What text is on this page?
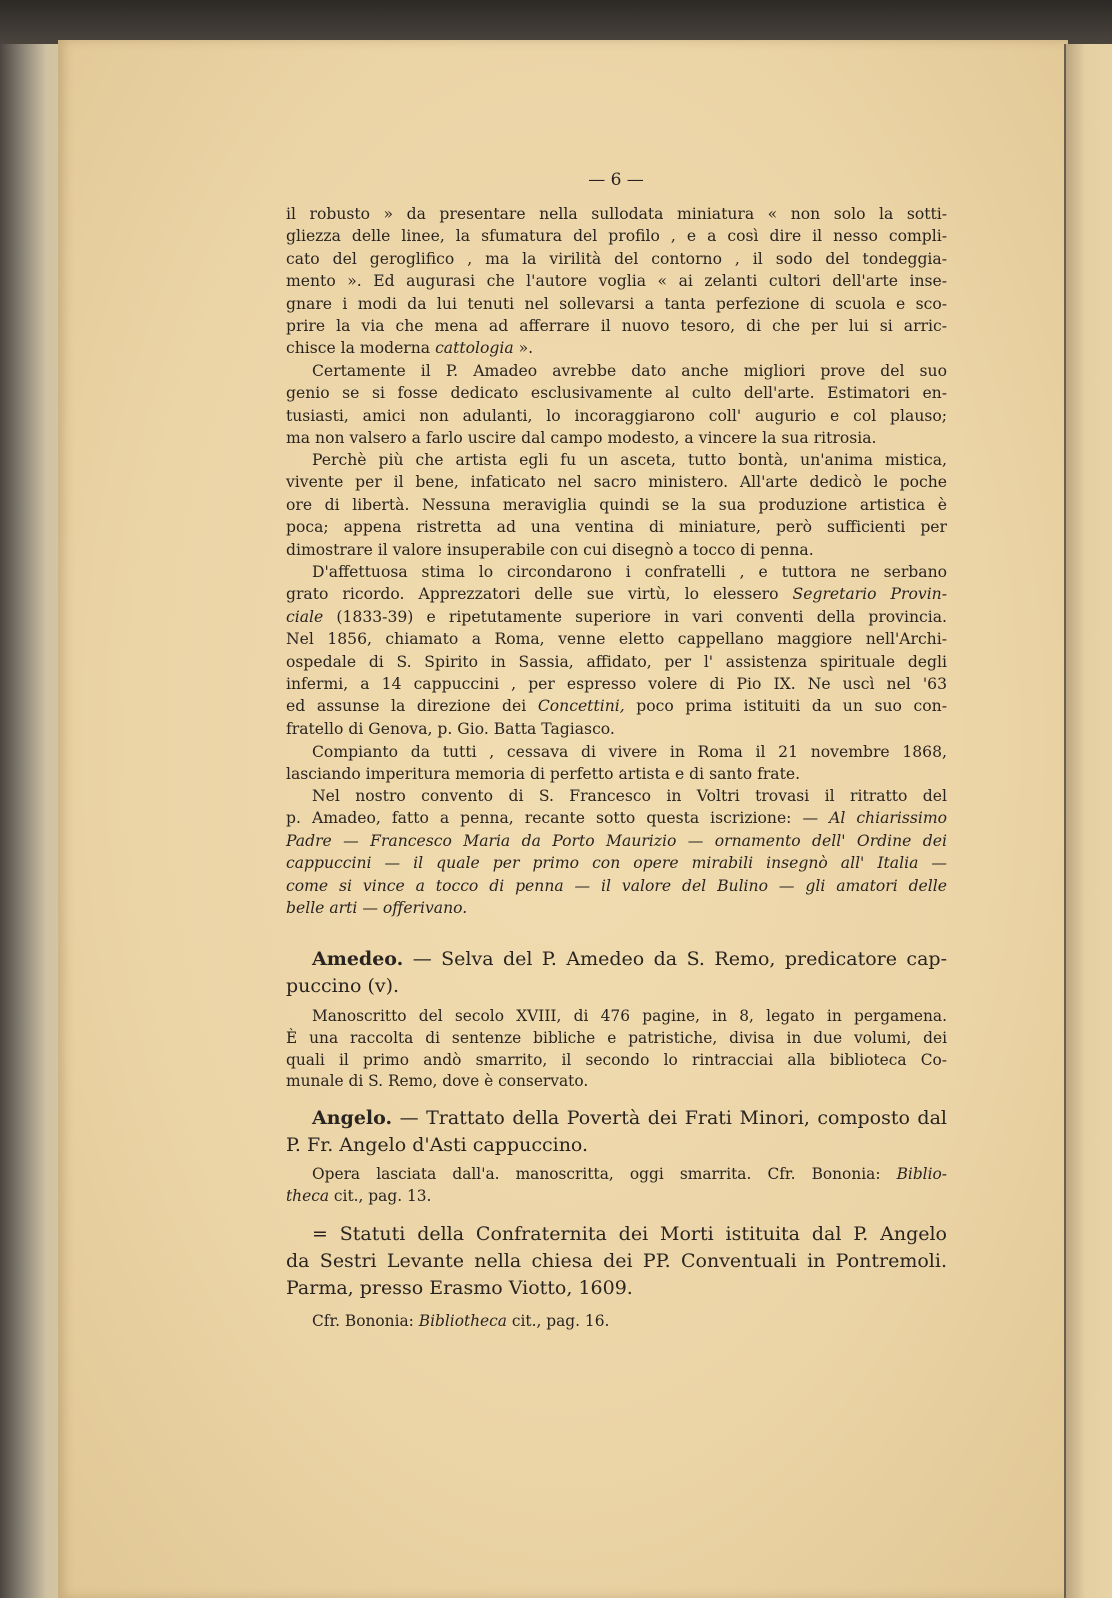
— 6 —
il robusto » da presentare nella sullodata miniatura « non solo la sotti-
gliezza delle linee, la sfumatura del profilo , e a così dire il nesso compli-
cato del geroglifico , ma la virilità del contorno , il sodo del tondeggia-
mento ». Ed augurasi che l'autore voglia « ai zelanti cultori dell'arte inse-
gnare i modi da lui tenuti nel sollevarsi a tanta perfezione di scuola e sco-
prire la via che mena ad afferrare il nuovo tesoro, di che per lui si arric-
chisce la moderna cattologia ».
Certamente il P. Amadeo avrebbe dato anche migliori prove del suo
genio se si fosse dedicato esclusivamente al culto dell'arte. Estimatori en-
tusiasti, amici non adulanti, lo incoraggiarono coll' augurio e col plauso;
ma non valsero a farlo uscire dal campo modesto, a vincere la sua ritrosia.
Perchè più che artista egli fu un asceta, tutto bontà, un'anima mistica,
vivente per il bene, infaticato nel sacro ministero. All'arte dedicò le poche
ore di libertà. Nessuna meraviglia quindi se la sua produzione artistica è
poca; appena ristretta ad una ventina di miniature, però sufficienti per
dimostrare il valore insuperabile con cui disegnò a tocco di penna.
D'affettuosa stima lo circondarono i confratelli , e tuttora ne serbano
grato ricordo. Apprezzatori delle sue virtù, lo elessero Segretario Provin-
ciale (1833-39) e ripetutamente superiore in vari conventi della provincia.
Nel 1856, chiamato a Roma, venne eletto cappellano maggiore nell'Archi-
ospedale di S. Spirito in Sassia, affidato, per l' assistenza spirituale degli
infermi, a 14 cappuccini , per espresso volere di Pio IX. Ne uscì nel '63
ed assunse la direzione dei Concettini, poco prima istituiti da un suo con-
fratello di Genova, p. Gio. Batta Tagiasco.
Compianto da tutti , cessava di vivere in Roma il 21 novembre 1868,
lasciando imperitura memoria di perfetto artista e di santo frate.
Nel nostro convento di S. Francesco in Voltri trovasi il ritratto del
p. Amadeo, fatto a penna, recante sotto questa iscrizione: — Al chiarissimo
Padre — Francesco Maria da Porto Maurizio — ornamento dell' Ordine dei
cappuccini — il quale per primo con opere mirabili insegnò all' Italia —
come si vince a tocco di penna — il valore del Bulino — gli amatori delle
belle arti — offerivano.
Amedeo. — Selva del P. Amedeo da S. Remo, predicatore cap-
puccino (v).
Manoscritto del secolo XVIII, di 476 pagine, in 8, legato in pergamena.
È una raccolta di sentenze bibliche e patristiche, divisa in due volumi, dei
quali il primo andò smarrito, il secondo lo rintracciai alla biblioteca Co-
munale di S. Remo, dove è conservato.
Angelo. — Trattato della Povertà dei Frati Minori, composto dal
P. Fr. Angelo d'Asti cappuccino.
Opera lasciata dall'a. manoscritta, oggi smarrita. Cfr. Bononia: Biblio-
theca cit., pag. 13.
= Statuti della Confraternita dei Morti istituita dal P. Angelo
da Sestri Levante nella chiesa dei PP. Conventuali in Pontremoli.
Parma, presso Erasmo Viotto, 1609.
Cfr. Bononia: Bibliotheca cit., pag. 16.
